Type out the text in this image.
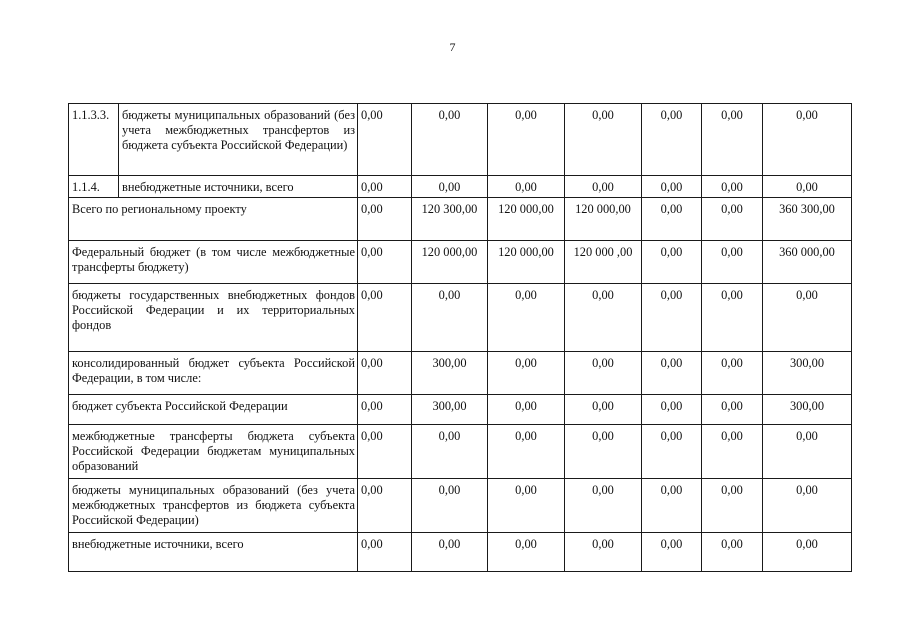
7
1.1.3.3.	бюджеты муниципальных образований (без учета межбюджетных трансфертов из бюджета субъекта Российской Федерации)	0,00	0,00	0,00	0,00	0,00	0,00	0,00
1.1.4.	внебюджетные источники, всего	0,00	0,00	0,00	0,00	0,00	0,00	0,00
Всего по региональному проекту		0,00	120 300,00	120 000,00	120 000,00	0,00	0,00	360 300,00
Федеральный бюджет (в том числе межбюджетные трансферты бюджету)		0,00	120 000,00	120 000,00	120 000 ,00	0,00	0,00	360 000,00
бюджеты государственных внебюджетных фондов Российской Федерации и их территориальных фондов		0,00	0,00	0,00	0,00	0,00	0,00	0,00
консолидированный бюджет субъекта Российской Федерации, в том числе:		0,00	300,00	0,00	0,00	0,00	0,00	300,00
бюджет субъекта Российской Федерации		0,00	300,00	0,00	0,00	0,00	0,00	300,00
межбюджетные трансферты бюджета субъекта Российской Федерации бюджетам муниципальных образований		0,00	0,00	0,00	0,00	0,00	0,00	0,00
бюджеты муниципальных образований (без учета межбюджетных трансфертов из бюджета субъекта Российской Федерации)		0,00	0,00	0,00	0,00	0,00	0,00	0,00
внебюджетные источники, всего		0,00	0,00	0,00	0,00	0,00	0,00	0,00
